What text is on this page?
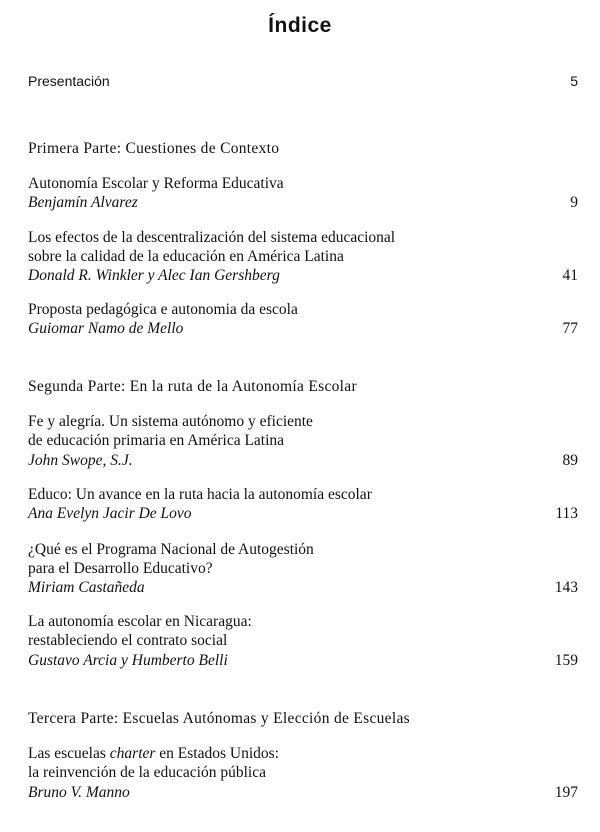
Índice
Presentación	5
Primera Parte: Cuestiones de Contexto
Autonomía Escolar y Reforma Educativa
Benjamín Alvarez	9
Los efectos de la descentralización del sistema educacional
sobre la calidad de la educación en América Latina
Donald R. Winkler y Alec Ian Gershberg	41
Proposta pedagógica e autonomia da escola
Guiomar Namo de Mello	77
Segunda Parte: En la ruta de la Autonomía Escolar
Fe y alegría. Un sistema autónomo y eficiente
de educación primaria en América Latina
John Swope, S.J.	89
Educo: Un avance en la ruta hacia la autonomía escolar
Ana Evelyn Jacir De Lovo	113
¿Qué es el Programa Nacional de Autogestión
para el Desarrollo Educativo?
Miriam Castañeda	143
La autonomía escolar en Nicaragua:
restableciendo el contrato social
Gustavo Arcia y Humberto Belli	159
Tercera Parte: Escuelas Autónomas y Elección de Escuelas
Las escuelas charter en Estados Unidos:
la reinvención de la educación pública
Bruno V. Manno	197
